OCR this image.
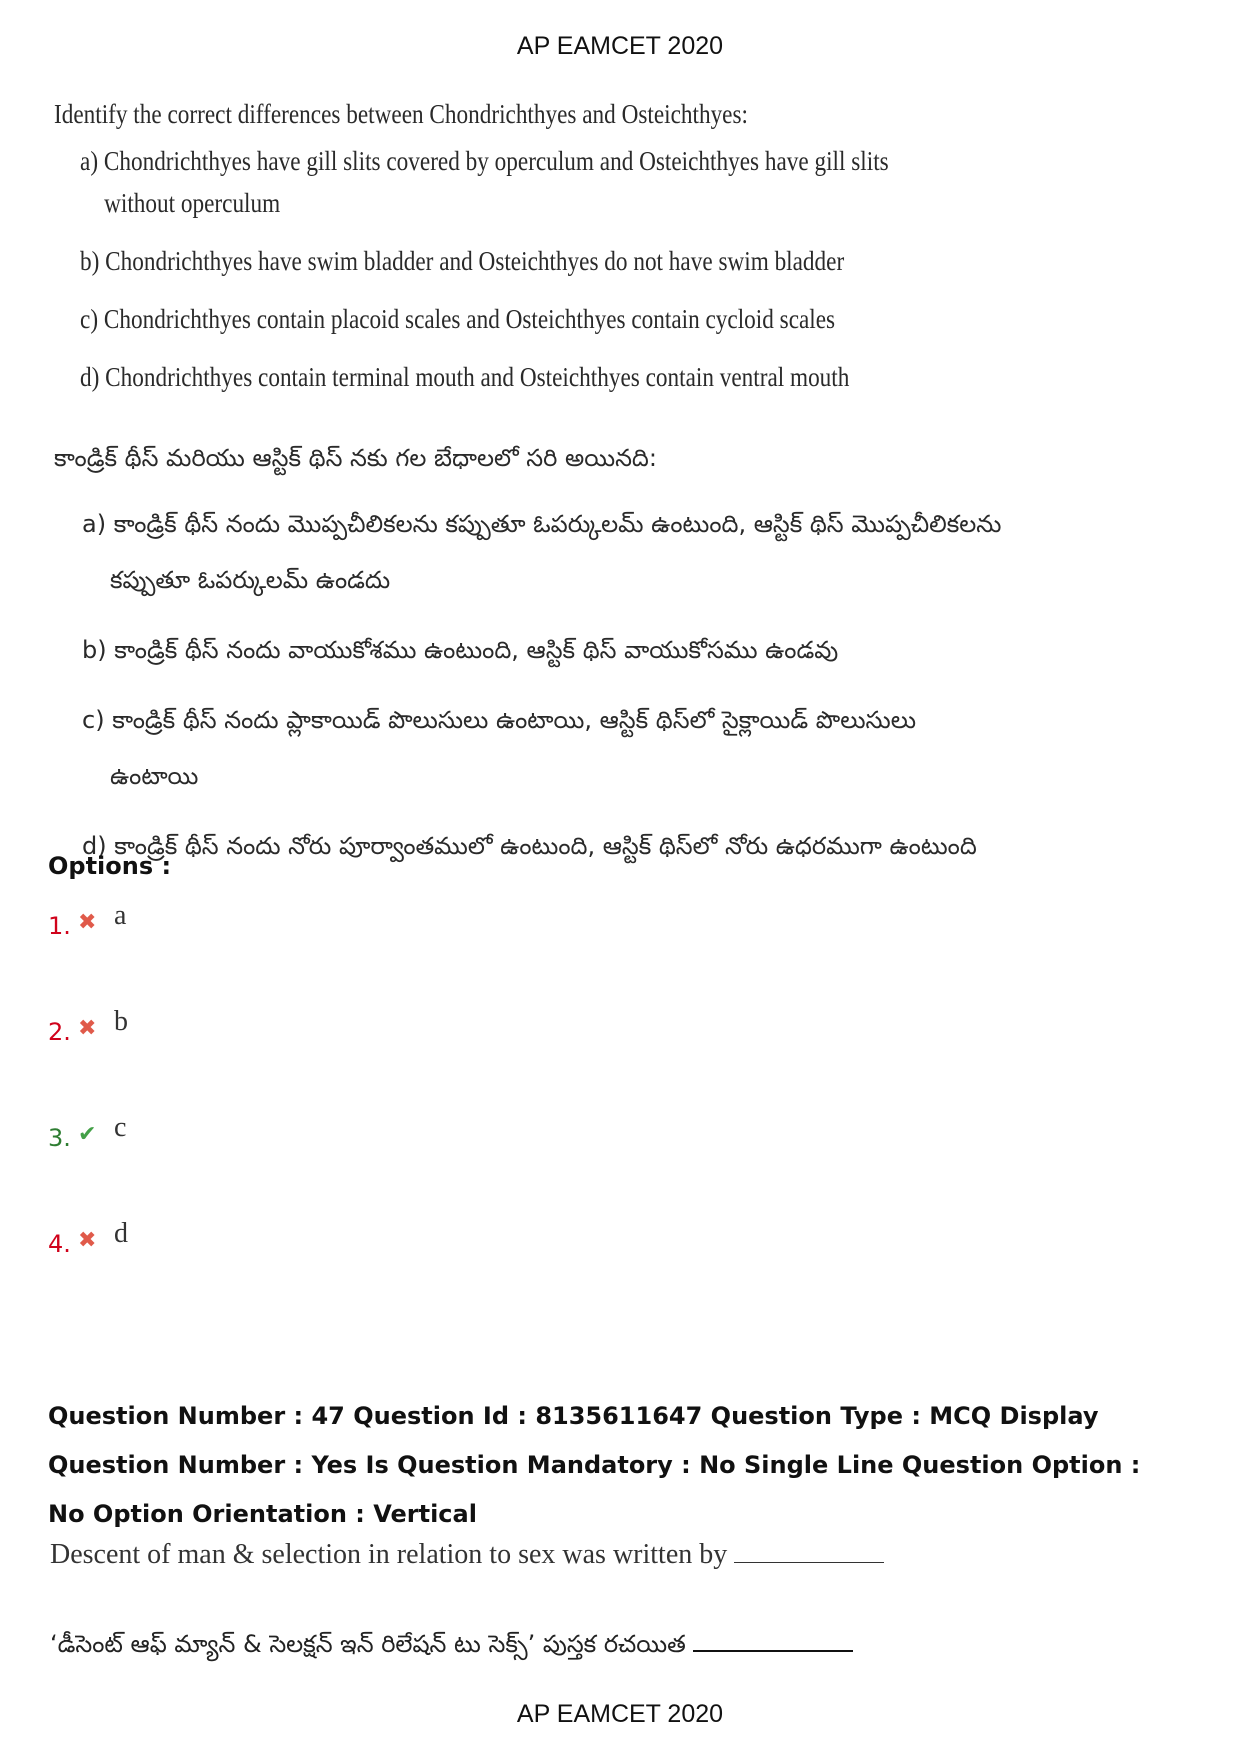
AP EAMCET 2020

Identify the correct differences between Chondrichthyes and Osteichthyes:

a) Chondrichthyes have gill slits covered by operculum and Osteichthyes have gill slits without operculum

b) Chondrichthyes have swim bladder and Osteichthyes do not have swim bladder

c) Chondrichthyes contain placoid scales and Osteichthyes contain cycloid scales

d) Chondrichthyes contain terminal mouth and Osteichthyes contain ventral mouth

కాండ్రిక్ థీస్ మరియు ఆస్టిక్ థిస్ నకు గల బేధాలలో సరి అయినది:

a) కాండ్రిక్ థీస్ నందు మొప్పచీలికలను కప్పుతూ ఓపర్కులమ్ ఉంటుంది, ఆస్టిక్ థిస్ మొప్పచీలికలను కప్పుతూ ఓపర్కులమ్ ఉండదు

b) కాండ్రిక్ థీస్ నందు వాయుకోశము ఉంటుంది, ఆస్టిక్ థిస్ వాయుకోసము ఉండవు

c) కాండ్రిక్ థీస్ నందు ప్లాకాయిడ్ పొలుసులు ఉంటాయి, ఆస్టిక్ థిస్‌లో సైక్లాయిడ్ పొలుసులు ఉంటాయి

d) కాండ్రిక్ థీస్ నందు నోరు పూర్వాంతములో ఉంటుంది, ఆస్టిక్ థిస్‌లో నోరు ఉధరముగా ఉంటుంది

Options :
1. ✖ a
2. ✖ b
3. ✔ c
4. ✖ d

Question Number : 47 Question Id : 8135611647 Question Type : MCQ Display Question Number : Yes Is Question Mandatory : No Single Line Question Option : No Option Orientation : Vertical

Descent of man & selection in relation to sex was written by
‘డీసెంట్ ఆఫ్ మ్యాన్ & సెలక్షన్ ఇన్ రిలేషన్ టు సెక్స్’ పుస్తక రచయిత
AP EAMCET 2020
